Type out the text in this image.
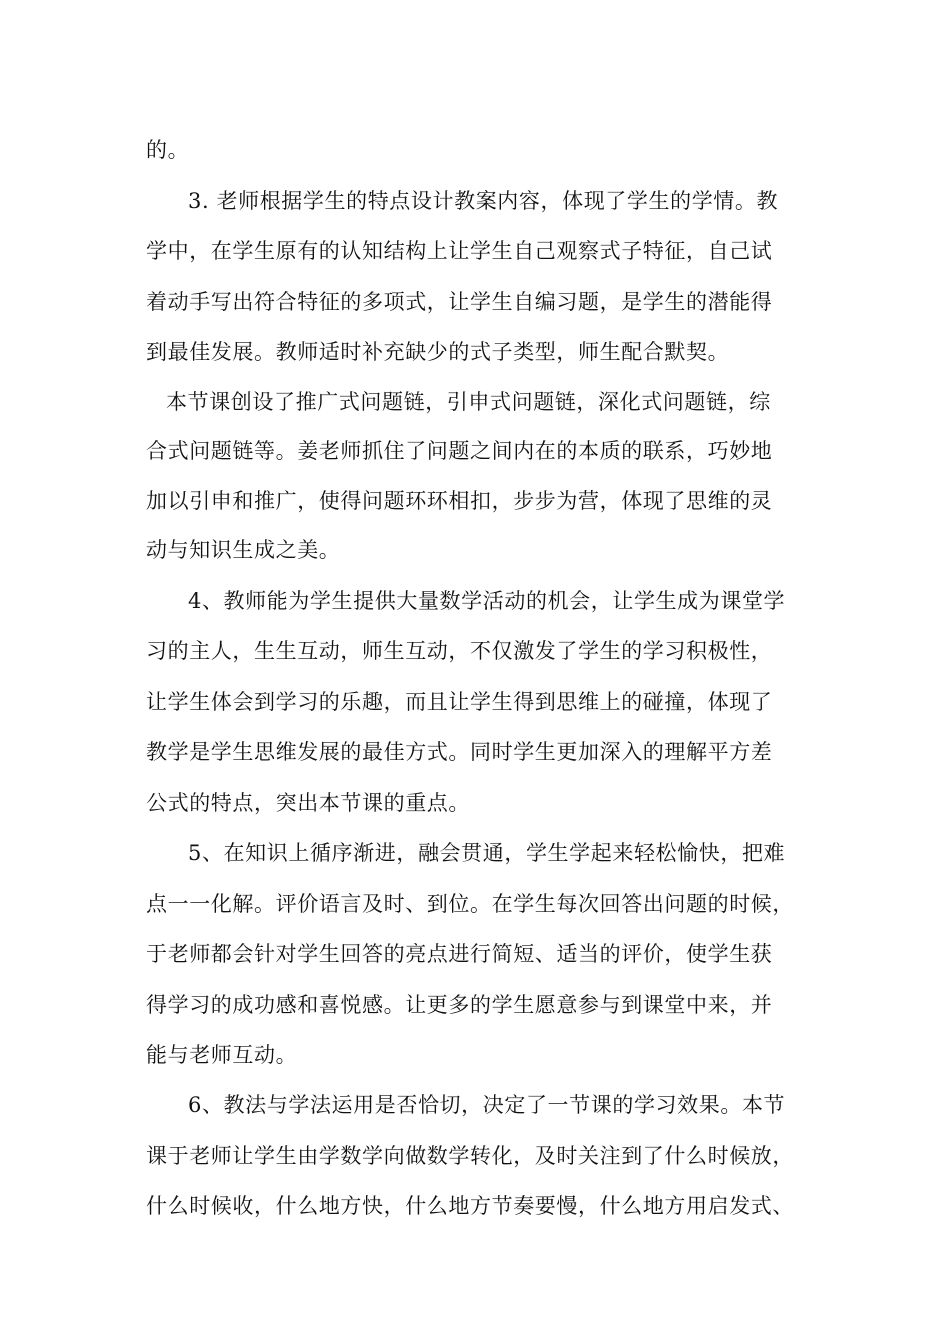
的。
3. 老师根据学生的特点设计教案内容，体现了学生的学情。教
学中，在学生原有的认知结构上让学生自己观察式子特征，自己试
着动手写出符合特征的多项式，让学生自编习题，是学生的潜能得
到最佳发展。教师适时补充缺少的式子类型，师生配合默契。
本节课创设了推广式问题链，引申式问题链，深化式问题链，综
合式问题链等。姜老师抓住了问题之间内在的本质的联系，巧妙地
加以引申和推广，使得问题环环相扣，步步为营，体现了思维的灵
动与知识生成之美。
4、教师能为学生提供大量数学活动的机会，让学生成为课堂学
习的主人，生生互动，师生互动，不仅激发了学生的学习积极性，
让学生体会到学习的乐趣，而且让学生得到思维上的碰撞，体现了
教学是学生思维发展的最佳方式。同时学生更加深入的理解平方差
公式的特点，突出本节课的重点。
5、在知识上循序渐进，融会贯通，学生学起来轻松愉快，把难
点一一化解。评价语言及时、到位。在学生每次回答出问题的时候，
于老师都会针对学生回答的亮点进行简短、适当的评价，使学生获
得学习的成功感和喜悦感。让更多的学生愿意参与到课堂中来，并
能与老师互动。
6、教法与学法运用是否恰切，决定了一节课的学习效果。本节
课于老师让学生由学数学向做数学转化，及时关注到了什么时候放，
什么时候收，什么地方快，什么地方节奏要慢，什么地方用启发式、
